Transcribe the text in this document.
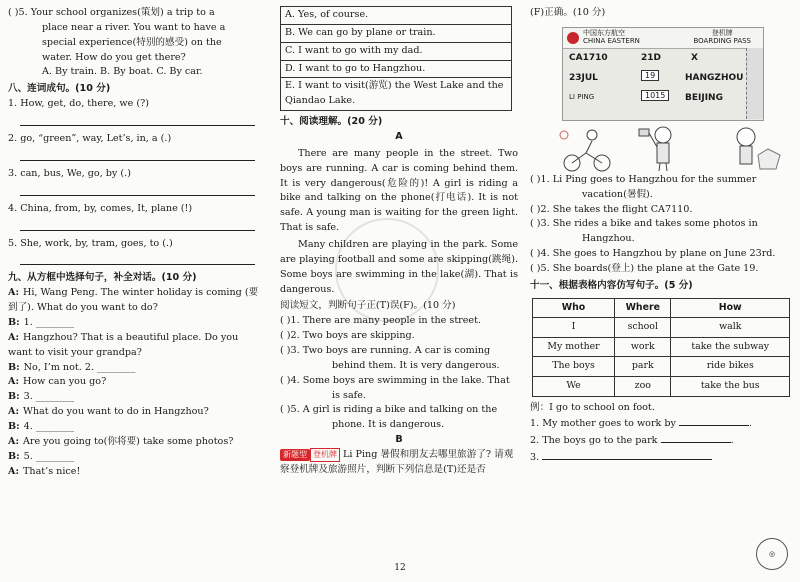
( )5. Your school organizes(策划) a trip to a

place near a river. You want to have a

special experience(特别的感受) on the

water. How do you get there?

A. By train. B. By boat. C. By car.

八、连词成句。(10 分)

1. How, get, do, there, we (?)

2. go, “green”, way, Let’s, in, a (.)

3. can, bus, We, go, by (.)

4. China, from, by, comes, It, plane (!)

5. She, work, by, tram, goes, to (.)

九、从方框中选择句子，补全对话。(10 分)

A: Hi, Wang Peng. The winter holiday is coming (要到了). What do you want to do?

B: 1. ________

A: Hangzhou? That is a beautiful place. Do you want to visit your grandpa?

B: No, I’m not. 2. ________

A: How can you go?

B: 3. ________

A: What do you want to do in Hangzhou?

B: 4. ________

A: Are you going to(你将要) take some photos?

B: 5. ________

A: That’s nice!

A. Yes, of course.
B. We can go by plane or train.
C. I want to go with my dad.
D. I want to go to Hangzhou.
E. I want to visit(游览) the West Lake and the Qiandao Lake.

十、阅读理解。(20 分)

A

There are many people in the street. Two boys are running. A car is coming behind them. It is very dangerous(危险的)! A girl is riding a bike and talking on the phone(打电话). It is not safe. A young man is waiting for the green light. That is safe.

Many children are playing in the park. Some are playing football and some are skipping(跳绳). Some boys are swimming in the lake(湖). That is dangerous.

阅读短文，判断句子正(T)误(F)。(10 分)

( )1. There are many people in the street.

( )2. Two boys are skipping.

( )3. Two boys are running. A car is coming behind them. It is very dangerous.

( )4. Some boys are swimming in the lake. That is safe.

( )5. A girl is riding a bike and talking on the phone. It is dangerous.

B

新题型 登机牌 Li Ping 暑假和朋友去哪里旅游了? 请观察登机牌及旅游照片，判断下列信息是(T)还是否

(F)正确。(10 分)

中国东方航空
CHINA EASTERN
登机牌
BOARDING PASS
CA1710	21D	X
23JUL	19	HANGZHOU
LI PING	1015	BEIJING

( )1. Li Ping goes to Hangzhou for the summer vacation(暑假).

( )2. She takes the flight CA7110.

( )3. She rides a bike and takes some photos in Hangzhou.

( )4. She goes to Hangzhou by plane on June 23rd.

( )5. She boards(登上) the plane at the Gate 19.

十一、根据表格内容仿写句子。(5 分)

Who	Where	How
I	school	walk
My mother	work	take the subway
The boys	park	ride bikes
We	zoo	take the bus

例：I go to school on foot.

1. My mother goes to work by	.

2. The boys go to the park	.

3.

◎
12
